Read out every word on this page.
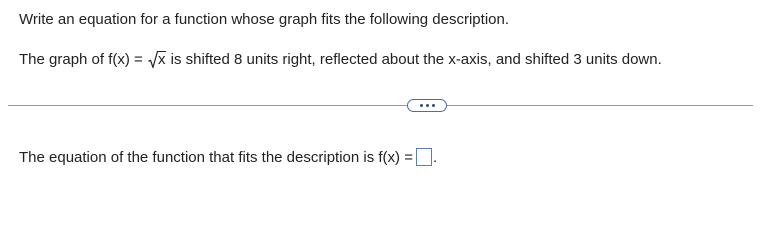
Write an equation for a function whose graph fits the following description.
The graph of f(x) =
x is shifted 8 units right, reflected about the x-axis, and shifted 3 units down.
The equation of the function that fits the description is f(x) = .
